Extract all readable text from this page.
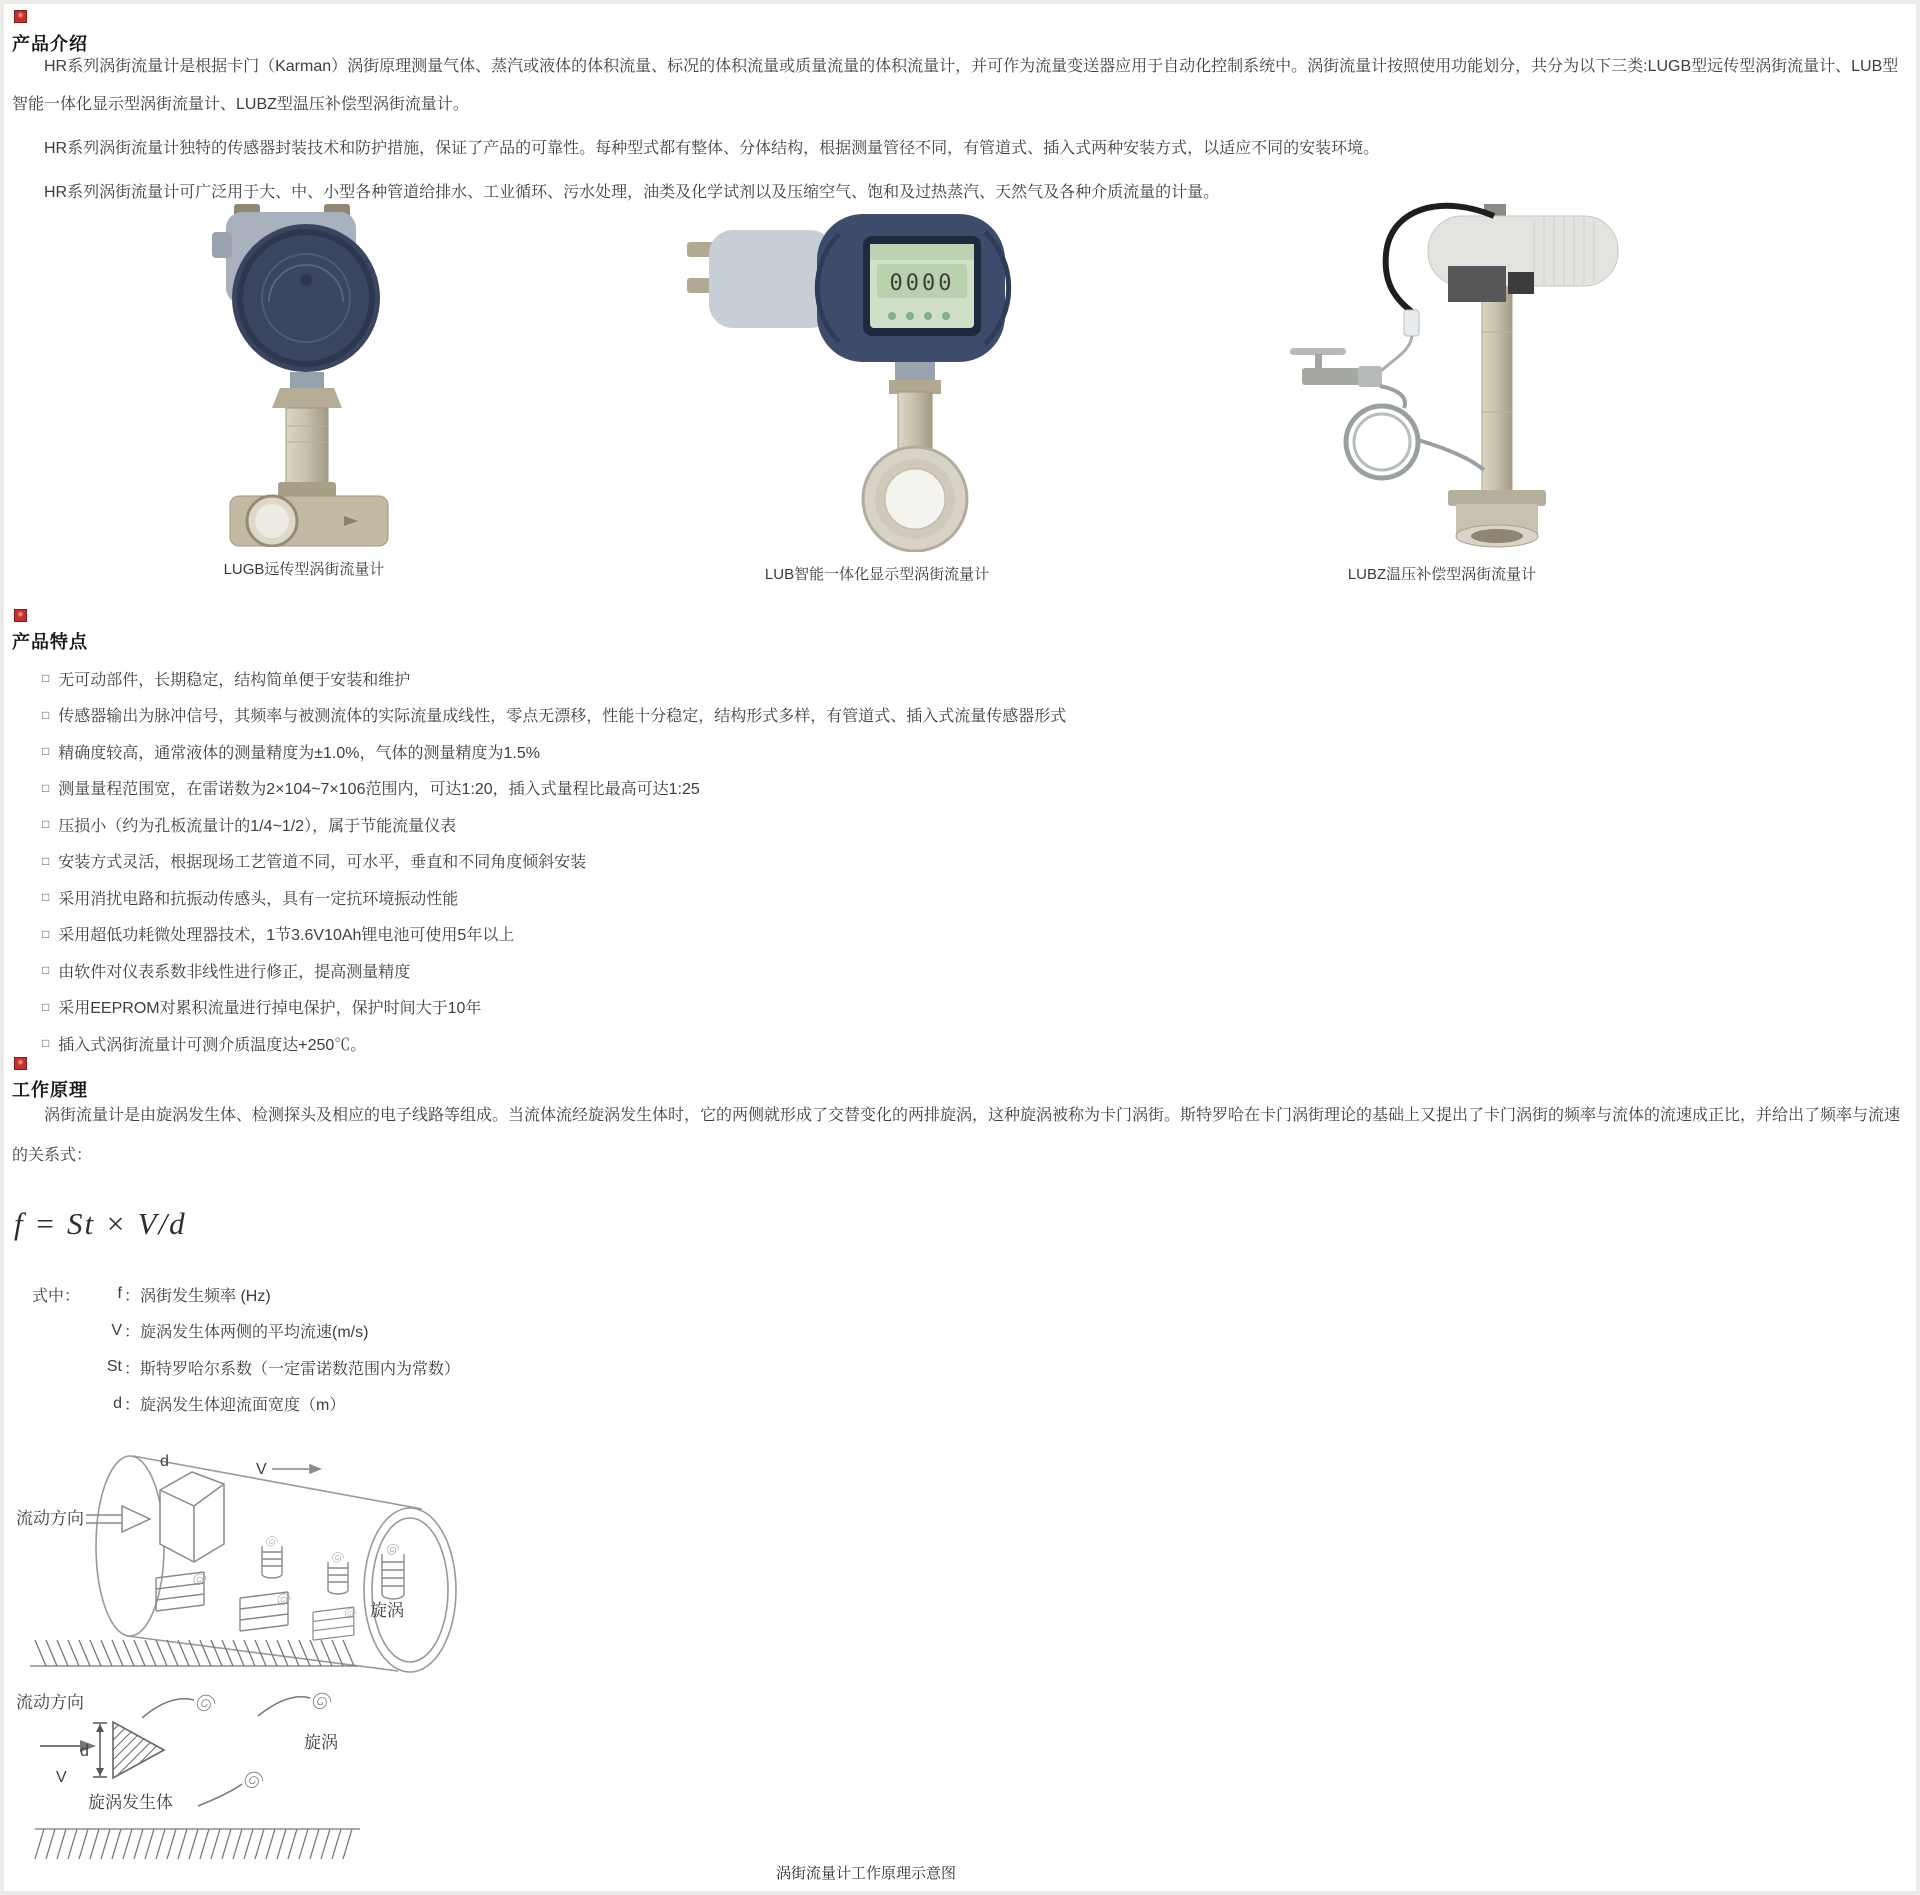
✳
产品介绍

HR系列涡街流量计是根据卡门（Karman）涡街原理测量气体、蒸汽或液体的体积流量、标况的体积流量或质量流量的体积流量计，并可作为流量变送器应用于自动化控制系统中。涡街流量计按照使用功能划分，共分为以下三类:LUGB型远传型涡街流量计、LUB型智能一体化显示型涡街流量计、LUBZ型温压补偿型涡街流量计。

HR系列涡街流量计独特的传感器封装技术和防护措施，保证了产品的可靠性。每种型式都有整体、分体结构，根据测量管径不同，有管道式、插入式两种安装方式，以适应不同的安装环境。

HR系列涡街流量计可广泛用于大、中、小型各种管道给排水、工业循环、污水处理，油类及化学试剂以及压缩空气、饱和及过热蒸汽、天然气及各种介质流量的计量。

LUGB远传型涡街流量计
0000
LUB智能一体化显示型涡街流量计	LUBZ温压补偿型涡街流量计
✳
产品特点
□ 无可动部件，长期稳定，结构简单便于安装和维护
□ 传感器输出为脉冲信号，其频率与被测流体的实际流量成线性，零点无漂移，性能十分稳定，结构形式多样，有管道式、插入式流量传感器形式
□ 精确度较高，通常液体的测量精度为±1.0%，气体的测量精度为1.5%
□ 测量量程范围宽，在雷诺数为2×104~7×106范围内，可达1:20，插入式量程比最高可达1:25
□ 压损小（约为孔板流量计的1/4~1/2），属于节能流量仪表
□ 安装方式灵活，根据现场工艺管道不同，可水平，垂直和不同角度倾斜安装
□ 采用消扰电路和抗振动传感头，具有一定抗环境振动性能
□ 采用超低功耗微处理器技术，1节3.6V10Ah锂电池可使用5年以上
□ 由软件对仪表系数非线性进行修正，提高测量精度
□ 采用EEPROM对累积流量进行掉电保护，保护时间大于10年
□ 插入式涡街流量计可测介质温度达+250℃。
✳
工作原理

涡街流量计是由旋涡发生体、检测探头及相应的电子线路等组成。当流体流经旋涡发生体时，它的两侧就形成了交替变化的两排旋涡，这种旋涡被称为卡门涡街。斯特罗哈在卡门涡街理论的基础上又提出了卡门涡街的频率与流体的流速成正比，并给出了频率与流速的关系式：

f = St × V/d
式中：	f ：涡街发生频率 (Hz)
V ：旋涡发生体两侧的平均流速(m/s)
St ：斯特罗哈尔系数（一定雷诺数范围内为常数）
d ：旋涡发生体迎流面宽度（m）
流动方向
d	V
旋涡
流动方向
V
d
旋涡发生体
旋涡
涡街流量计工作原理示意图
